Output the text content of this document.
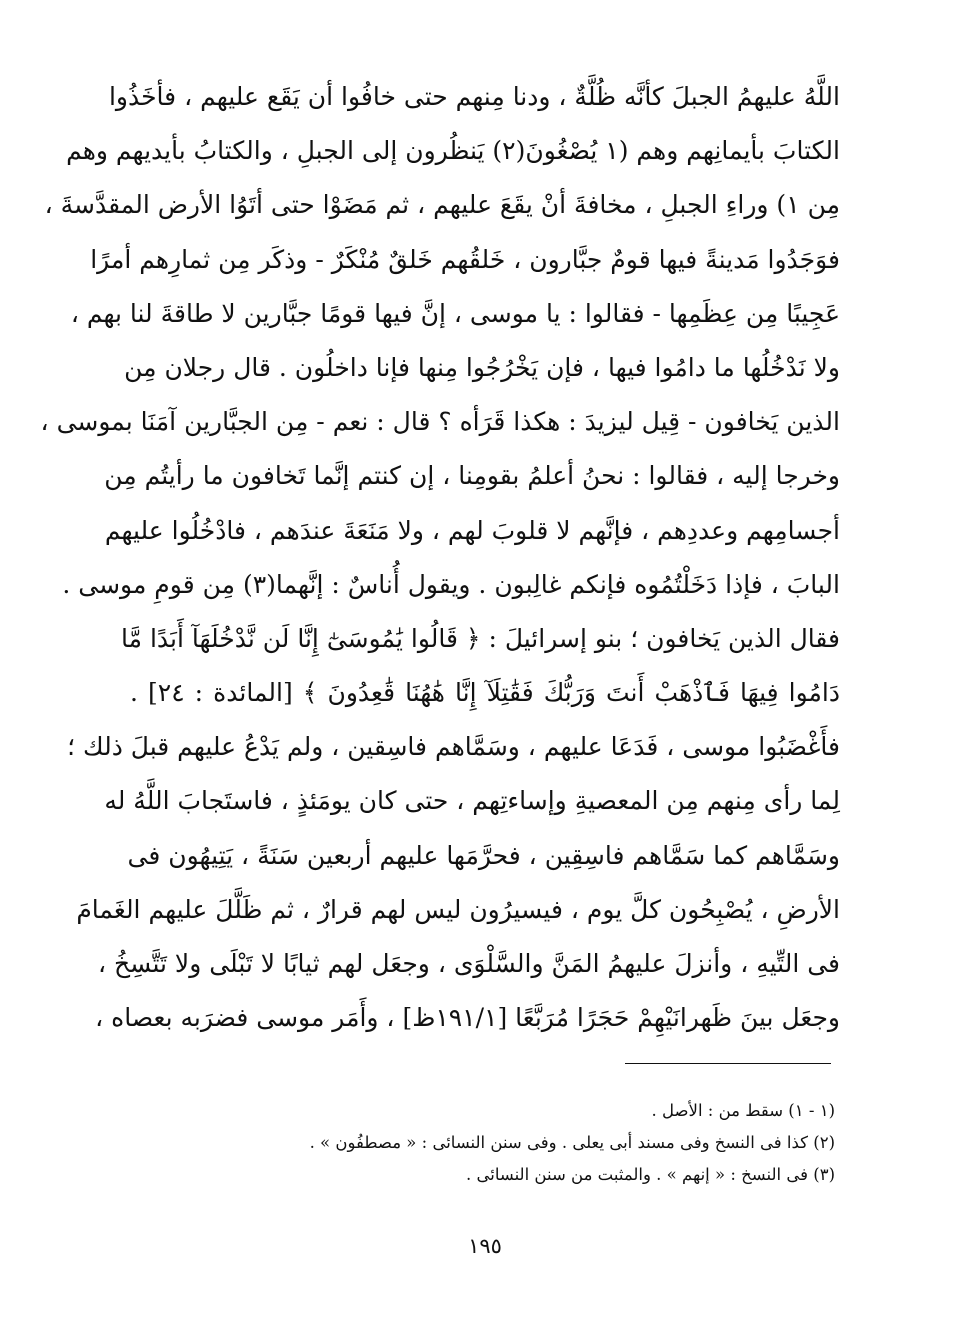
اللَّهُ عليهمُ الجبلَ كأنَّه ظُلَّةٌ ، ودنا مِنهم حتى خافُوا أن يَقَع عليهم ، فأخَذُوا
الكتابَ بأيمانِهم وهم (١ يُصْغُونَ(٢) يَنظُرون إلى الجبلِ ، والكتابُ بأيديهم وهم
مِن ١) وراءِ الجبلِ ، مخافةَ أنْ يقَعَ عليهم ، ثم مَضَوْا حتى أتَوُا الأرض المقدَّسةَ ،
فوَجَدُوا مَدينةً فيها قومٌ جبَّارون ، خَلقُهم خَلقٌ مُنْكَرٌ - وذكَر مِن ثمارِهم أمرًا
عَجِيبًا مِن عِظَمِها - فقالوا : يا موسى ، إنَّ فيها قومًا جبَّارين لا طاقةَ لنا بهم ،
ولا نَدْخُلُها ما دامُوا فيها ، فإن يَخْرُجُوا مِنها فإنا داخلُون . قال رجلان مِن
الذين يَخافون - قِيل ليزيدَ : هكذا قَرَأه ؟ قال : نعم - مِن الجبَّارين آمَنَا بموسى ،
وخرجا إليه ، فقالوا : نحنُ أعلمُ بقومِنا ، إن كنتم إنَّما تَخافون ما رأيتُم مِن
أجسامِهم وعددِهم ، فإنَّهم لا قلوبَ لهم ، ولا مَنَعَةَ عندَهم ، فادْخُلُوا عليهم
البابَ ، فإذا دَخَلْتُمُوه فإنكم غالِبون . ويقول أُناسٌ : إنَّهما(٣) مِن قومِ موسى .
فقال الذين يَخافون ؛ بنو إسرائيلَ : ﴿ قَالُوا يَٰمُوسَىٰٓ إِنَّا لَن نَّدْخُلَهَآ أَبَدًا مَّا
دَامُوا فِيهَا فَٱذْهَبْ أَنتَ وَرَبُّكَ فَقَٰتِلَآ إِنَّا هَٰهُنَا قَٰعِدُونَ ﴾ [المائدة : ٢٤] .
فأَغْضَبُوا موسى ، فَدَعَا عليهم ، وسَمَّاهم فاسِقين ، ولم يَدْعُ عليهم قبلَ ذلك ؛
لِما رأى مِنهم مِن المعصيةِ وإساءتِهم ، حتى كان يومَئذٍ ، فاستَجابَ اللَّهُ له
وسَمَّاهم كما سَمَّاهم فاسِقِين ، فحرَّمَها عليهم أربعين سَنَةً ، يَتِيهُون فى
الأرضِ ، يُصْبِحُون كلَّ يوم ، فيسيرُون ليس لهم قرارٌ ، ثم ظَلَّلَ عليهم الغَمامَ
فى التِّيهِ ، وأنزلَ عليهمُ المَنَّ والسَّلْوَى ، وجعَل لهم ثيابًا لا تَبْلَى ولا تَتَّسِخُ ،
وجعَل بينَ ظَهرانَيْهِمْ حَجَرًا مُرَبَّعًا [١٩١/١ظ] ، وأَمَر موسى فضرَبه بعصاه ،
(١ - ١) سقط من : الأصل .
(٢) كذا فى النسخ وفى مسند أبى يعلى . وفى سنن النسائى : « مصطفُون » .
(٣) فى النسخ : « إنهم » . والمثبت من سنن النسائى .
١٩٥
